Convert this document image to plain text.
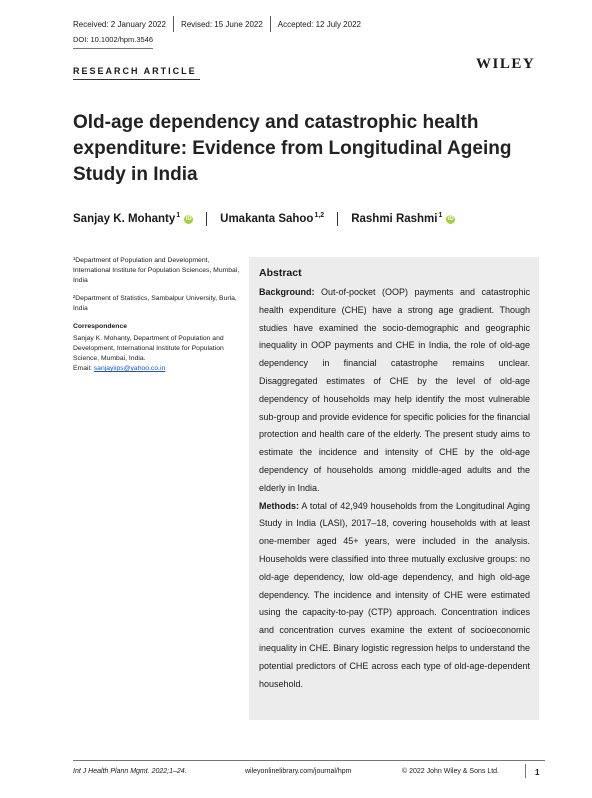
Received: 2 January 2022 Revised: 15 June 2022 Accepted: 12 July 2022
DOI: 10.1002/hpm.3546
RESEARCH ARTICLE	WILEY
Old-age dependency and catastrophic health expenditure: Evidence from Longitudinal Ageing Study in India
Sanjay K. Mohanty$^1$ iD Umakanta Sahoo$^{1,2}$ Rashmi Rashmi$^1$ iD

¹Department of Population and Development, International Institute for Population Sciences, Mumbai, India

²Department of Statistics, Sambalpur University, Burla, India

Correspondence
Sanjay K. Mohanty, Department of Population and Development, International Institute for Population Science, Mumbai, India.
Email: sanjayiips@yahoo.co.in
Abstract

Background: Out-of-pocket (OOP) payments and catastrophic health expenditure (CHE) have a strong age gradient. Though studies have examined the socio-demographic and geographic inequality in OOP payments and CHE in India, the role of old-age dependency in financial catastrophe remains unclear. Disaggregated estimates of CHE by the level of old-age dependency of households may help identify the most vulnerable sub-group and provide evidence for specific policies for the financial protection and health care of the elderly. The present study aims to estimate the incidence and intensity of CHE by the old-age dependency of households among middle-aged adults and the elderly in India.

Methods: A total of 42,949 households from the Longitudinal Aging Study in India (LASI), 2017–18, covering households with at least one-member aged 45+ years, were included in the analysis. Households were classified into three mutually exclusive groups: no old-age dependency, low old-age dependency, and high old-age dependency. The incidence and intensity of CHE were estimated using the capacity-to-pay (CTP) approach. Concentration indices and concentration curves examine the extent of socioeconomic inequality in CHE. Binary logistic regression helps to understand the potential predictors of CHE across each type of old-age-dependent household.

Int J Health Plann Mgmt. 2022;1–24.	wileyonlinelibrary.com/journal/hpm	© 2022 John Wiley & Sons Ltd.	1
